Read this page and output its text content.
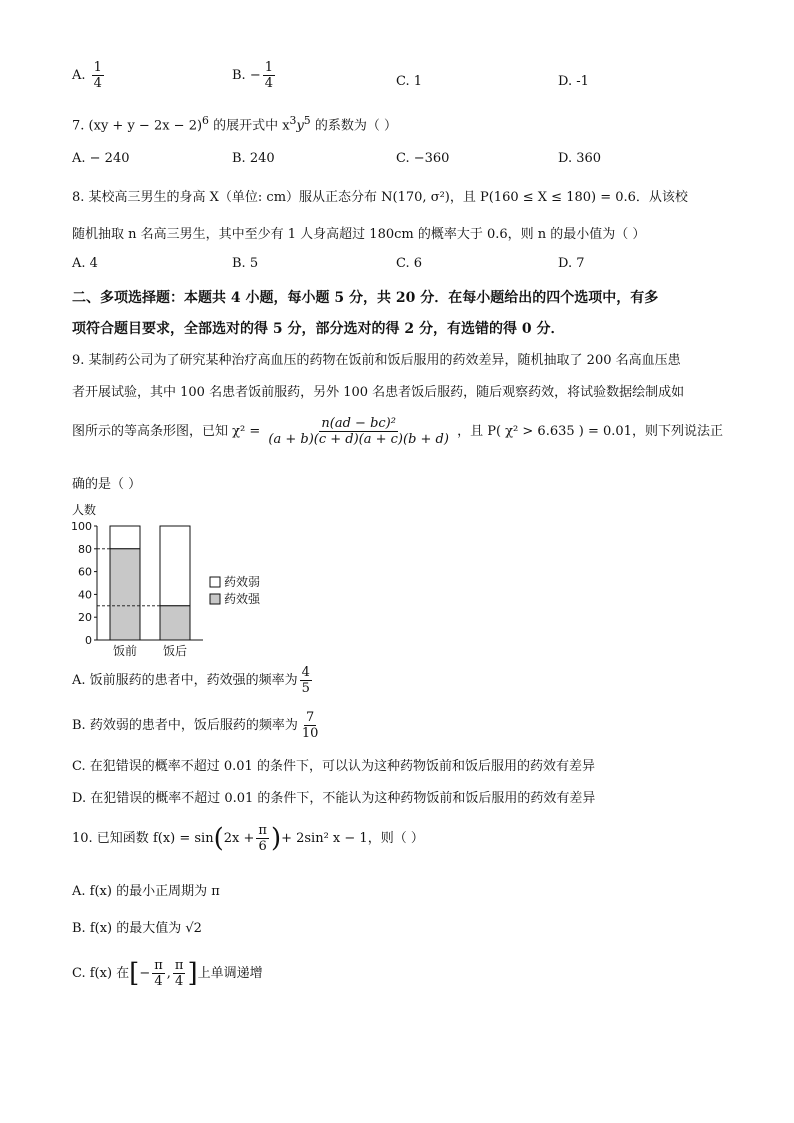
A. $\frac{1}{4}$	B. − $\frac{1}{4}$	C. 1	D. -1
7. (xy + y − 2x − 2)$^6$ 的展开式中 $x^3y^5$ 的系数为（ ）
A. − 240	B. 240	C. −360	D. 360
8. 某校高三男生的身高 X（单位: cm）服从正态分布 N(170, σ²)，且 P(160 ≤ X ≤ 180) = 0.6．从该校
随机抽取 n 名高三男生，其中至少有 1 人身高超过 180cm 的概率大于 0.6，则 n 的最小值为（ ）
A. 4	B. 5	C. 6	D. 7
二、多项选择题：本题共 4 小题，每小题 5 分，共 20 分．在每小题给出的四个选项中，有多
项符合题目要求，全部选对的得 5 分，部分选对的得 2 分，有选错的得 0 分．
9. 某制药公司为了研究某种治疗高血压的药物在饭前和饭后服用的药效差异，随机抽取了 200 名高血压患
者开展试验，其中 100 名患者饭前服药，另外 100 名患者饭后服药，随后观察药效，将试验数据绘制成如
图所示的等高条形图，已知 $\chi^2 = \frac{\text{n(ad − bc)²}}{(a + b)(c + d)(a + c)(b + d)}$ ，且 P( χ² > 6.635 ) = 0.01，则下列说法正
确的是（ ）
人数
0
20
40
60
80
100
饭前 饭后
药效弱
药效强
A. 饭前服药的患者中，药效强的频率为 $\frac{4}{5}$
B. 药效弱的患者中，饭后服药的频率为 $\frac{7}{10}$
C. 在犯错误的概率不超过 0.01 的条件下，可以认为这种药物饭前和饭后服用的药效有差异
D. 在犯错误的概率不超过 0.01 的条件下，不能认为这种药物饭前和饭后服用的药效有差异
10. 已知函数 $f(x) = \sin(2x + \frac{\pi}{6}$ )+ 2sin² x − 1，则（ ）
A. f(x) 的最小正周期为 π
B. f(x) 的最大值为 √2
C. f(x) 在[− $\frac{\pi}{4}$ , $\frac{\pi}{4}$ ]上单调递增
